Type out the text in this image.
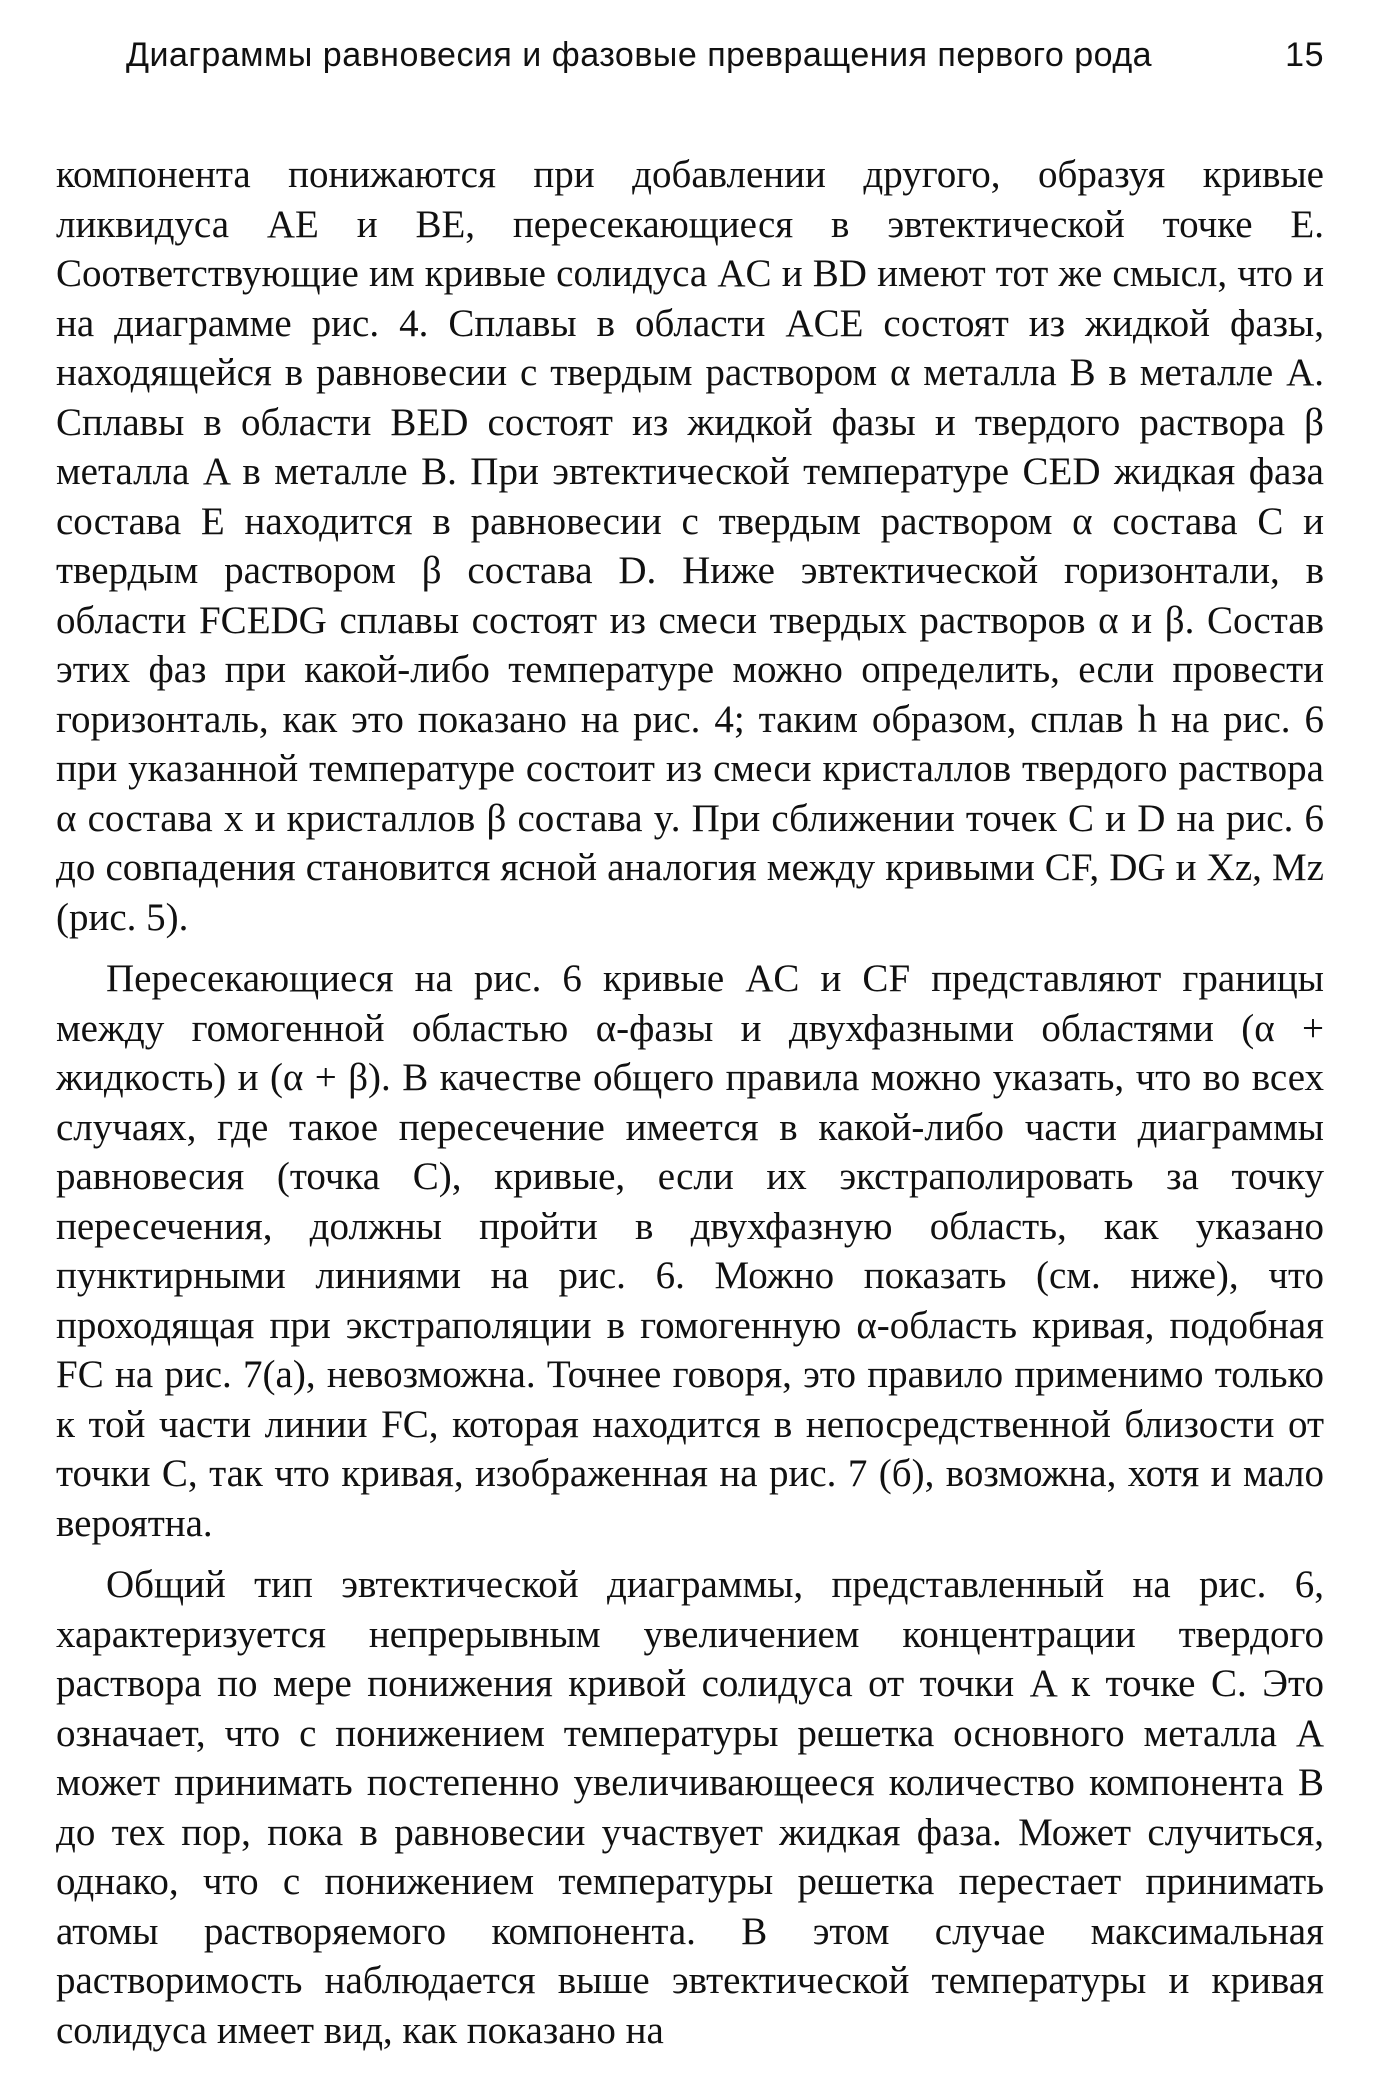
Диаграммы равновесия и фазовые превращения первого рода	15

компонента понижаются при добавлении другого, образуя кривые ликвидуса AE и BE, пересекающиеся в эвтектической точке E. Соответствующие им кривые солидуса AC и BD имеют тот же смысл, что и на диаграмме рис. 4. Сплавы в области ACE состоят из жидкой фазы, находящейся в равновесии с твердым раствором α металла B в металле A. Сплавы в области BED состоят из жидкой фазы и твердого раствора β металла A в металле B. При эвтектической температуре CED жидкая фаза состава E находится в равновесии с твердым раствором α состава C и твердым раствором β состава D. Ниже эвтектической горизонтали, в области FCEDG сплавы состоят из смеси твердых растворов α и β. Состав этих фаз при какой-либо температуре можно определить, если провести горизонталь, как это показано на рис. 4; таким образом, сплав h на рис. 6 при указанной температуре состоит из смеси кристаллов твердого раствора α состава x и кристаллов β состава y. При сближении точек C и D на рис. 6 до совпадения становится ясной аналогия между кривыми CF, DG и Xz, Mz (рис. 5).

Пересекающиеся на рис. 6 кривые AC и CF представляют границы между гомогенной областью α-фазы и двухфазными областями (α + жидкость) и (α + β). В качестве общего правила можно указать, что во всех случаях, где такое пересечение имеется в какой-либо части диаграммы равновесия (точка C), кривые, если их экстраполировать за точку пересечения, должны пройти в двухфазную область, как указано пунктирными линиями на рис. 6. Можно показать (см. ниже), что проходящая при экстраполяции в гомогенную α-область кривая, подобная FC на рис. 7(а), невозможна. Точнее говоря, это правило применимо только к той части линии FC, которая находится в непосредственной близости от точки C, так что кривая, изображенная на рис. 7 (б), возможна, хотя и мало вероятна.

Общий тип эвтектической диаграммы, представленный на рис. 6, характеризуется непрерывным увеличением концентрации твердого раствора по мере понижения кривой солидуса от точки A к точке C. Это означает, что с понижением температуры решетка основного металла A может принимать постепенно увеличивающееся количество компонента B до тех пор, пока в равновесии участвует жидкая фаза. Может случиться, однако, что с понижением температуры решетка перестает принимать атомы растворяемого компонента. В этом случае максимальная растворимость наблюдается выше эвтектической температуры и кривая солидуса имеет вид, как показано на
